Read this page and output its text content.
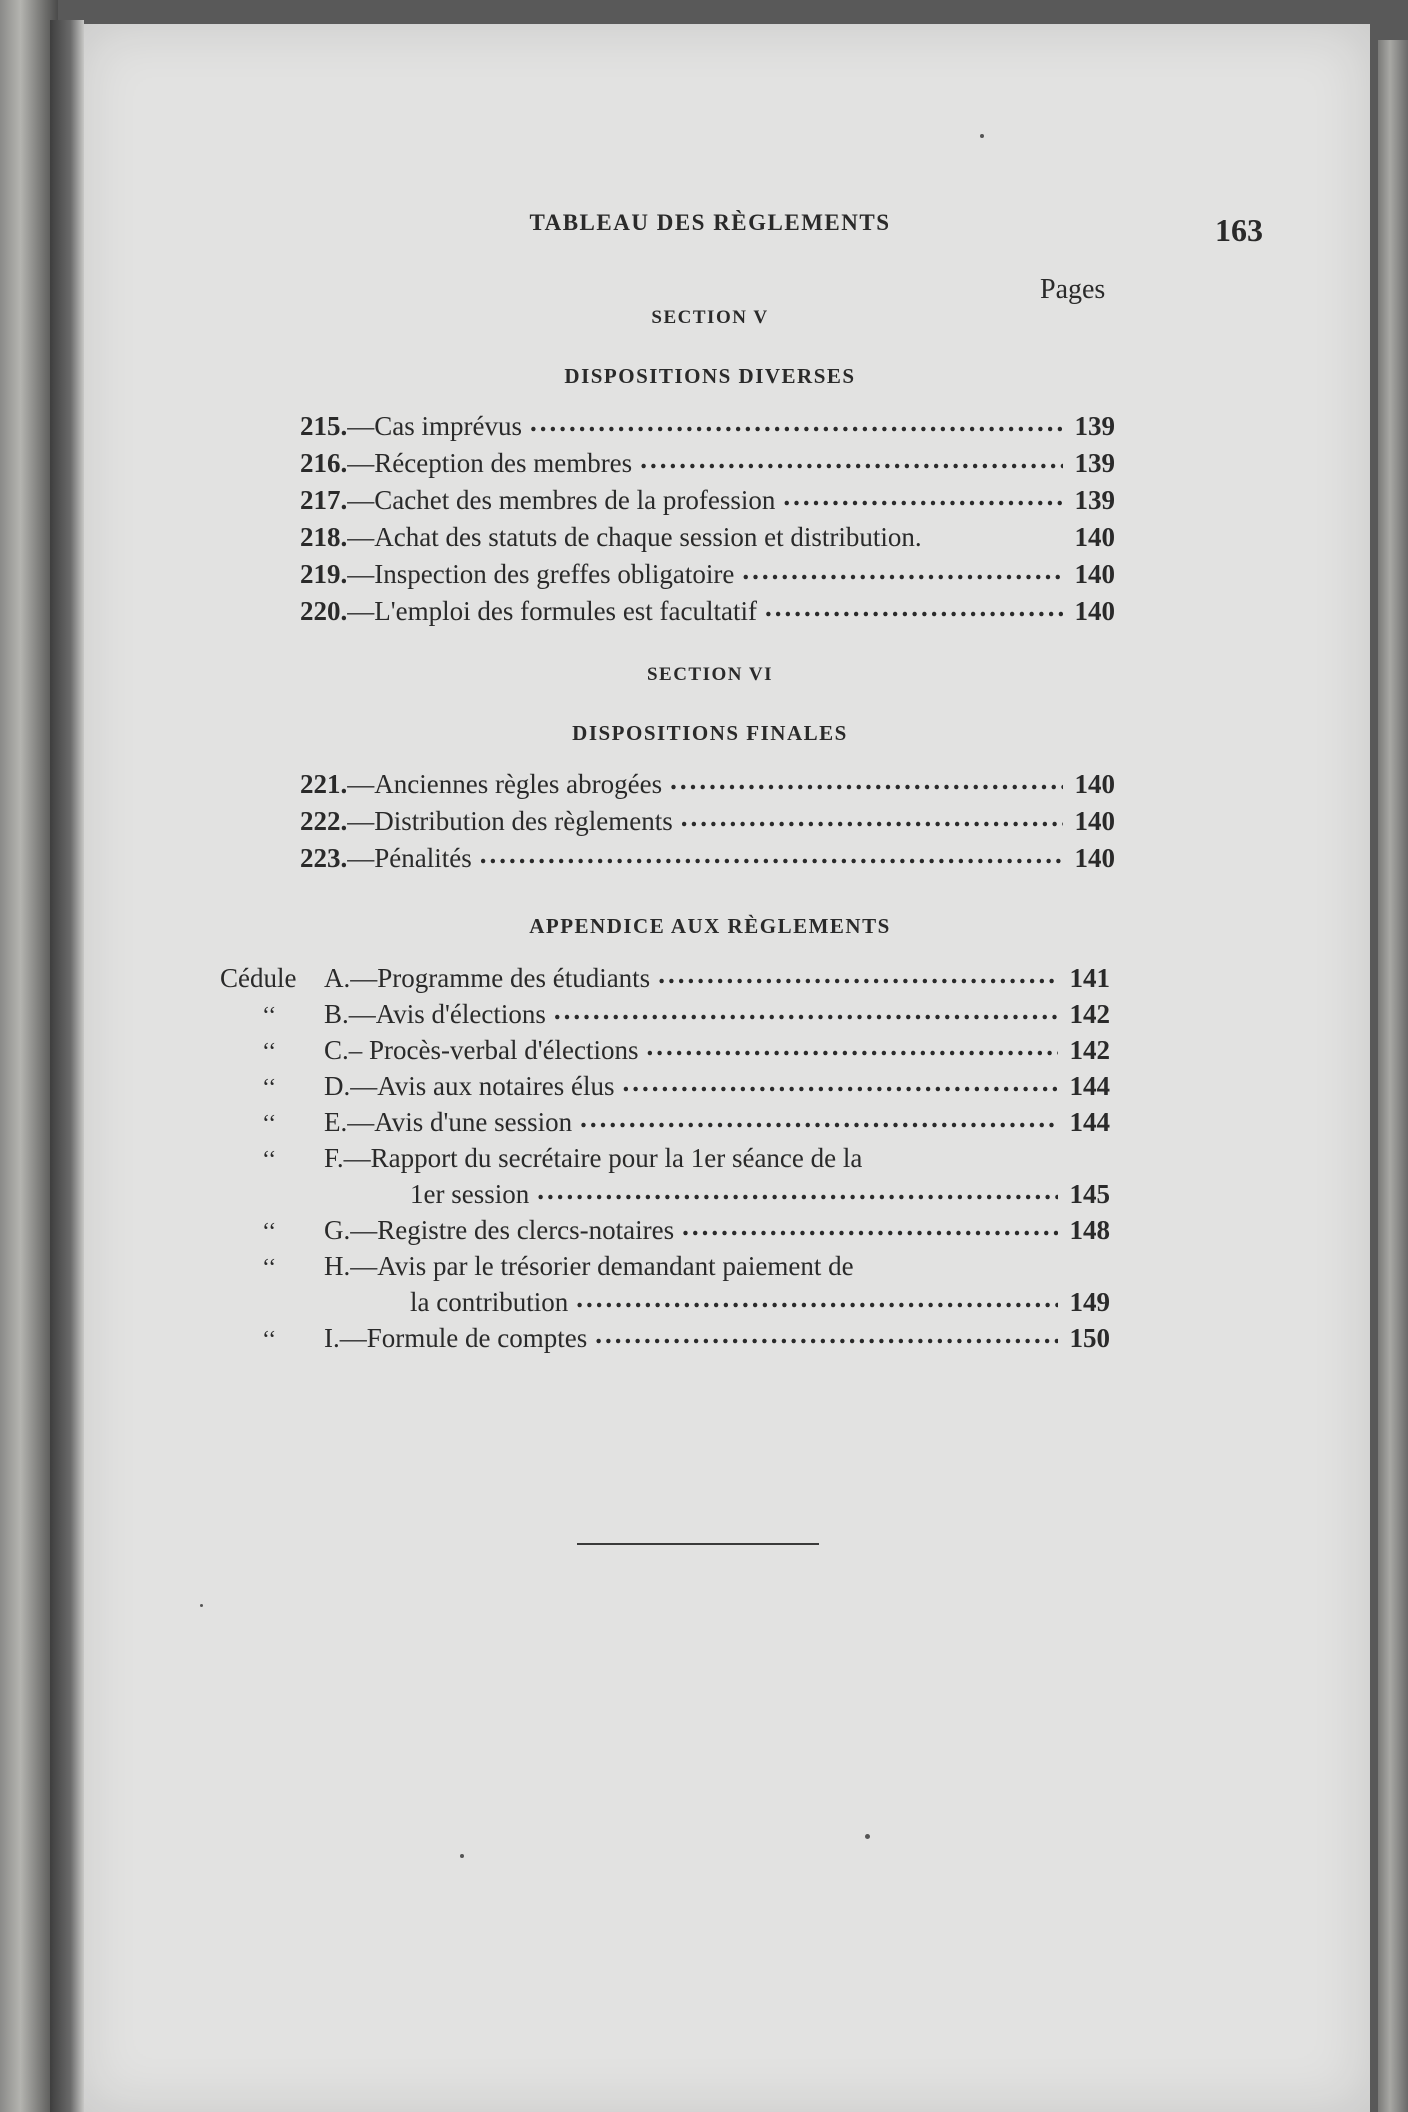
TABLEAU DES RÈGLEMENTS	163
Pages
SECTION V
DISPOSITIONS DIVERSES
215. —Cas imprévus .....	139
216. —Réception des membres .....	139
217. —Cachet des membres de la profession .....	139
218. —Achat des statuts de chaque session et distribution.	140
219. —Inspection des greffes obligatoire .....	140
220. —L'emploi des formules est facultatif .....	140
SECTION VI
DISPOSITIONS FINALES
221. —Anciennes règles abrogées .....	140
222. —Distribution des règlements .....	140
223. —Pénalités .....	140
APPENDICE AUX RÈGLEMENTS
Cédule	A. —Programme des étudiants .....	141
‘‘	B. —Avis d'élections .....	142
‘‘	C. – Procès-verbal d'élections .....	142
‘‘	D. —Avis aux notaires élus .....	144
‘‘	E. —Avis d'une session .....	144
‘‘	F. —Rapport du secrétaire pour la 1er séance de la
1er session .....	145
‘‘	G. —Registre des clercs-notaires .....	148
‘‘	H. —Avis par le trésorier demandant paiement de
la contribution .....	149
‘‘	I. —Formule de comptes .....	150
